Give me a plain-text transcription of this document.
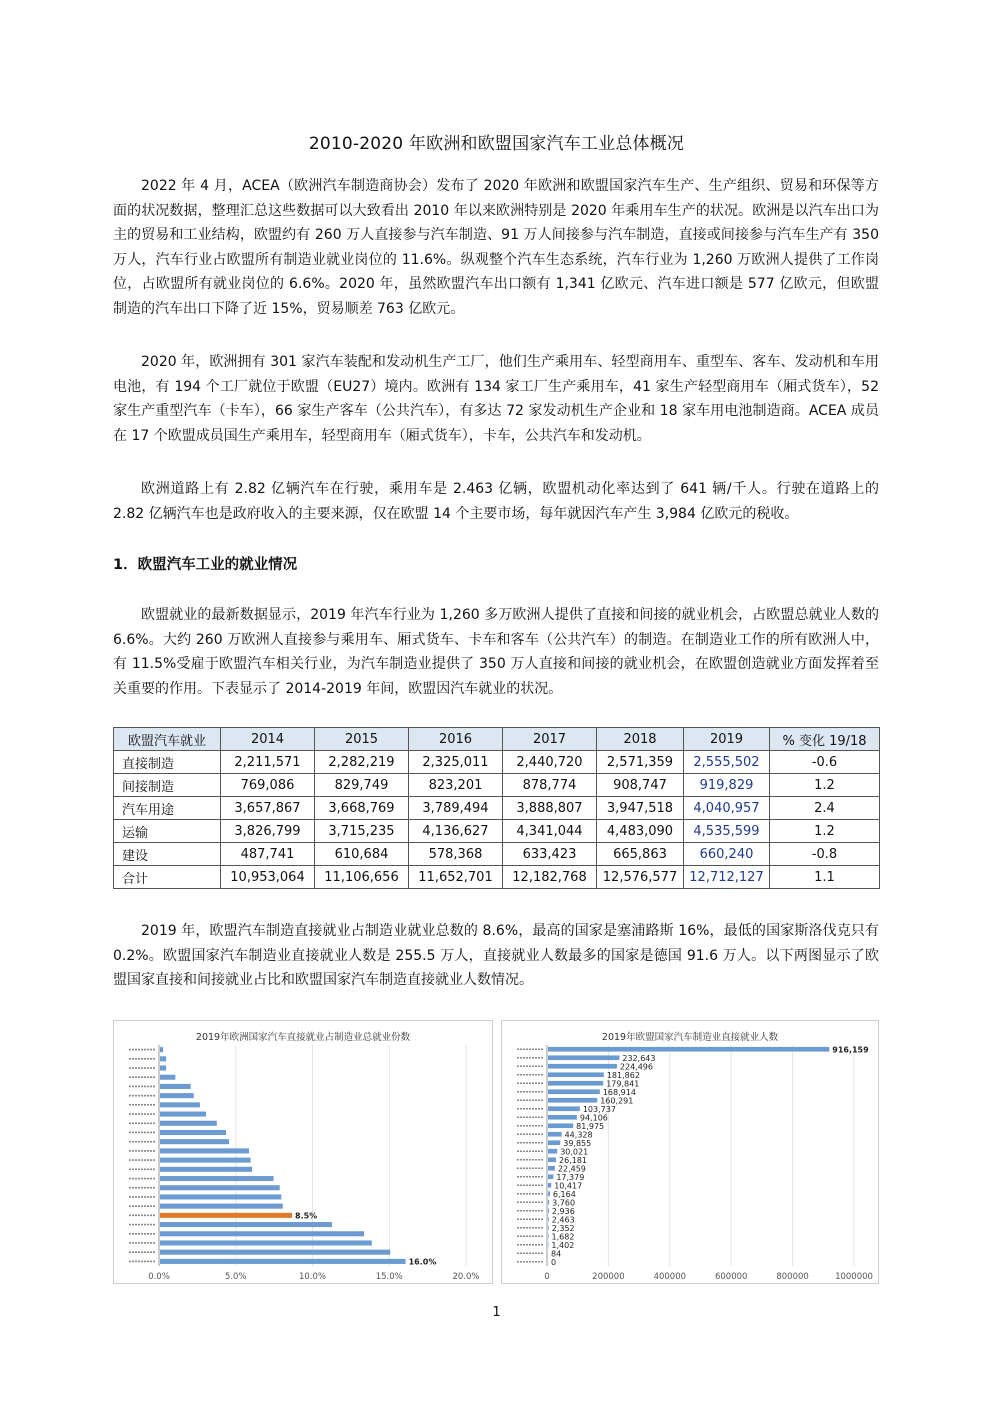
2010-2020 年欧洲和欧盟国家汽车工业总体概况

2022 年 4 月，ACEA（欧洲汽车制造商协会）发布了 2020 年欧洲和欧盟国家汽车生产、生产组织、贸易和环保等方面的状况数据，整理汇总这些数据可以大致看出 2010 年以来欧洲特别是 2020 年乘用车生产的状况。欧洲是以汽车出口为主的贸易和工业结构，欧盟约有 260 万人直接参与汽车制造、91 万人间接参与汽车制造，直接或间接参与汽车生产有 350 万人，汽车行业占欧盟所有制造业就业岗位的 11.6%。纵观整个汽车生态系统，汽车行业为 1,260 万欧洲人提供了工作岗位，占欧盟所有就业岗位的 6.6%。2020 年，虽然欧盟汽车出口额有 1,341 亿欧元、汽车进口额是 577 亿欧元，但欧盟制造的汽车出口下降了近 15%，贸易顺差 763 亿欧元。

2020 年，欧洲拥有 301 家汽车装配和发动机生产工厂，他们生产乘用车、轻型商用车、重型车、客车、发动机和车用电池，有 194 个工厂就位于欧盟（EU27）境内。欧洲有 134 家工厂生产乘用车，41 家生产轻型商用车（厢式货车），52 家生产重型汽车（卡车），66 家生产客车（公共汽车），有多达 72 家发动机生产企业和 18 家车用电池制造商。ACEA 成员在 17 个欧盟成员国生产乘用车，轻型商用车（厢式货车），卡车，公共汽车和发动机。

欧洲道路上有 2.82 亿辆汽车在行驶，乘用车是 2.463 亿辆，欧盟机动化率达到了 641 辆/千人。行驶在道路上的 2.82 亿辆汽车也是政府收入的主要来源，仅在欧盟 14 个主要市场，每年就因汽车产生 3,984 亿欧元的税收。

1．欧盟汽车工业的就业情况

欧盟就业的最新数据显示，2019 年汽车行业为 1,260 多万欧洲人提供了直接和间接的就业机会，占欧盟总就业人数的 6.6%。大约 260 万欧洲人直接参与乘用车、厢式货车、卡车和客车（公共汽车）的制造。在制造业工作的所有欧洲人中，有 11.5%受雇于欧盟汽车相关行业，为汽车制造业提供了 350 万人直接和间接的就业机会，在欧盟创造就业方面发挥着至关重要的作用。下表显示了 2014-2019 年间，欧盟因汽车就业的状况。

欧盟汽车就业	2014	2015	2016	2017	2018	2019	% 变化 19/18
直接制造	2,211,571	2,282,219	2,325,011	2,440,720	2,571,359	2,555,502	-0.6
间接制造	769,086	829,749	823,201	878,774	908,747	919,829	1.2
汽车用途	3,657,867	3,668,769	3,789,494	3,888,807	3,947,518	4,040,957	2.4
运输	3,826,799	3,715,235	4,136,627	4,341,044	4,483,090	4,535,599	1.2
建设	487,741	610,684	578,368	633,423	665,863	660,240	-0.8
合计	10,953,064	11,106,656	11,652,701	12,182,768	12,576,577	12,712,127	1.1

2019 年，欧盟汽车制造直接就业占制造业就业总数的 8.6%，最高的国家是塞浦路斯 16%，最低的国家斯洛伐克只有 0.2%。欧盟国家汽车制造业直接就业人数是 255.5 万人，直接就业人数最多的国家是德国 91.6 万人。以下两图显示了欧盟国家直接和间接就业占比和欧盟国家汽车制造直接就业人数情况。

2019年欧洲国家汽车直接就业占制造业总就业份数
0.0%	5.0%	10.0%	15.0%	20.0%
8.5%
16.0%
2019年欧盟国家汽车制造业直接就业人数
0	200000	400000	600000	800000	1000000
916,159
232,643
224,496
181,862
179,841
168,914
160,291
103,737
94,106
81,975
44,328
39,855
30,021
26,181
22,459
17,379
10,417
6,164
3,760
2,936
2,463
2,352
1,682
1,402
84
0
1
